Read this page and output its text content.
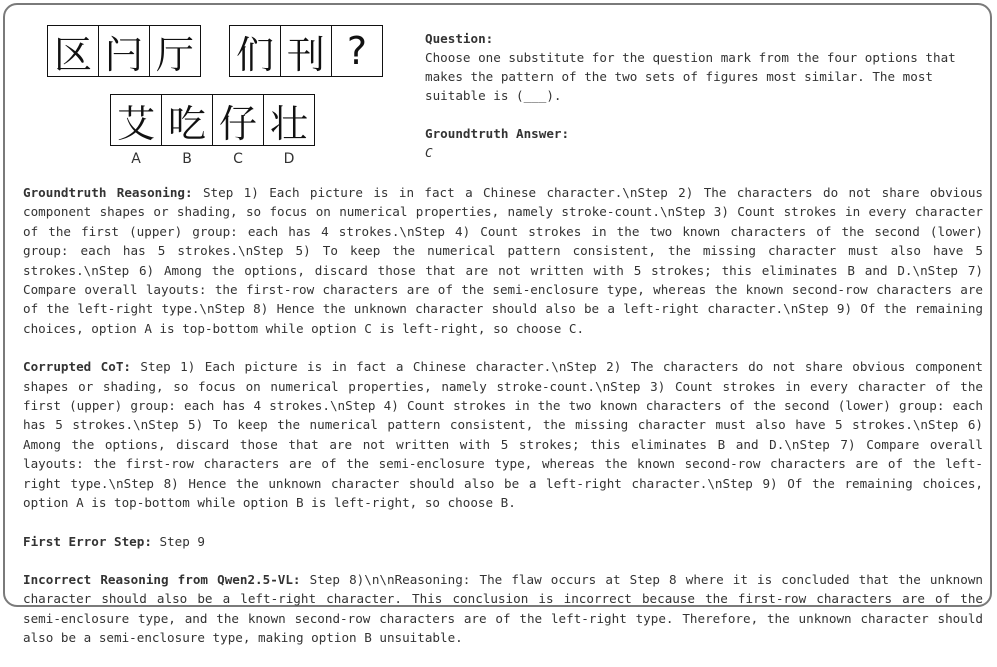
区 闩 厅 们 刊 ?
艾 吃 仔 壮
A	B	C	D
Question:

Choose one substitute for the question mark from the four options that makes the pattern of the two sets of figures most similar. The most suitable is (___).

Groundtruth Answer:

C

Groundtruth Reasoning: Step 1) Each picture is in fact a Chinese character.\nStep 2) The characters do not share obvious component shapes or shading, so focus on numerical properties, namely stroke-count.\nStep 3) Count strokes in every character of the first (upper) group: each has 4 strokes.\nStep 4) Count strokes in the two known characters of the second (lower) group: each has 5 strokes.\nStep 5) To keep the numerical pattern consistent, the missing character must also have 5 strokes.\nStep 6) Among the options, discard those that are not written with 5 strokes; this eliminates B and D.\nStep 7) Compare overall layouts: the first-row characters are of the semi-enclosure type, whereas the known second-row characters are of the left-right type.\nStep 8) Hence the unknown character should also be a left-right character.\nStep 9) Of the remaining choices, option A is top-bottom while option C is left-right, so choose C.

Corrupted CoT: Step 1) Each picture is in fact a Chinese character.\nStep 2) The characters do not share obvious component shapes or shading, so focus on numerical properties, namely stroke-count.\nStep 3) Count strokes in every character of the first (upper) group: each has 4 strokes.\nStep 4) Count strokes in the two known characters of the second (lower) group: each has 5 strokes.\nStep 5) To keep the numerical pattern consistent, the missing character must also have 5 strokes.\nStep 6) Among the options, discard those that are not written with 5 strokes; this eliminates B and D.\nStep 7) Compare overall layouts: the first-row characters are of the semi-enclosure type, whereas the known second-row characters are of the left-right type.\nStep 8) Hence the unknown character should also be a left-right character.\nStep 9) Of the remaining choices, option A is top-bottom while option B is left-right, so choose B.

First Error Step: Step 9

Incorrect Reasoning from Qwen2.5-VL: Step 8)\n\nReasoning: The flaw occurs at Step 8 where it is concluded that the unknown character should also be a left-right character. This conclusion is incorrect because the first-row characters are of the semi-enclosure type, and the known second-row characters are of the left-right type. Therefore, the unknown character should also be a semi-enclosure type, making option B unsuitable.
